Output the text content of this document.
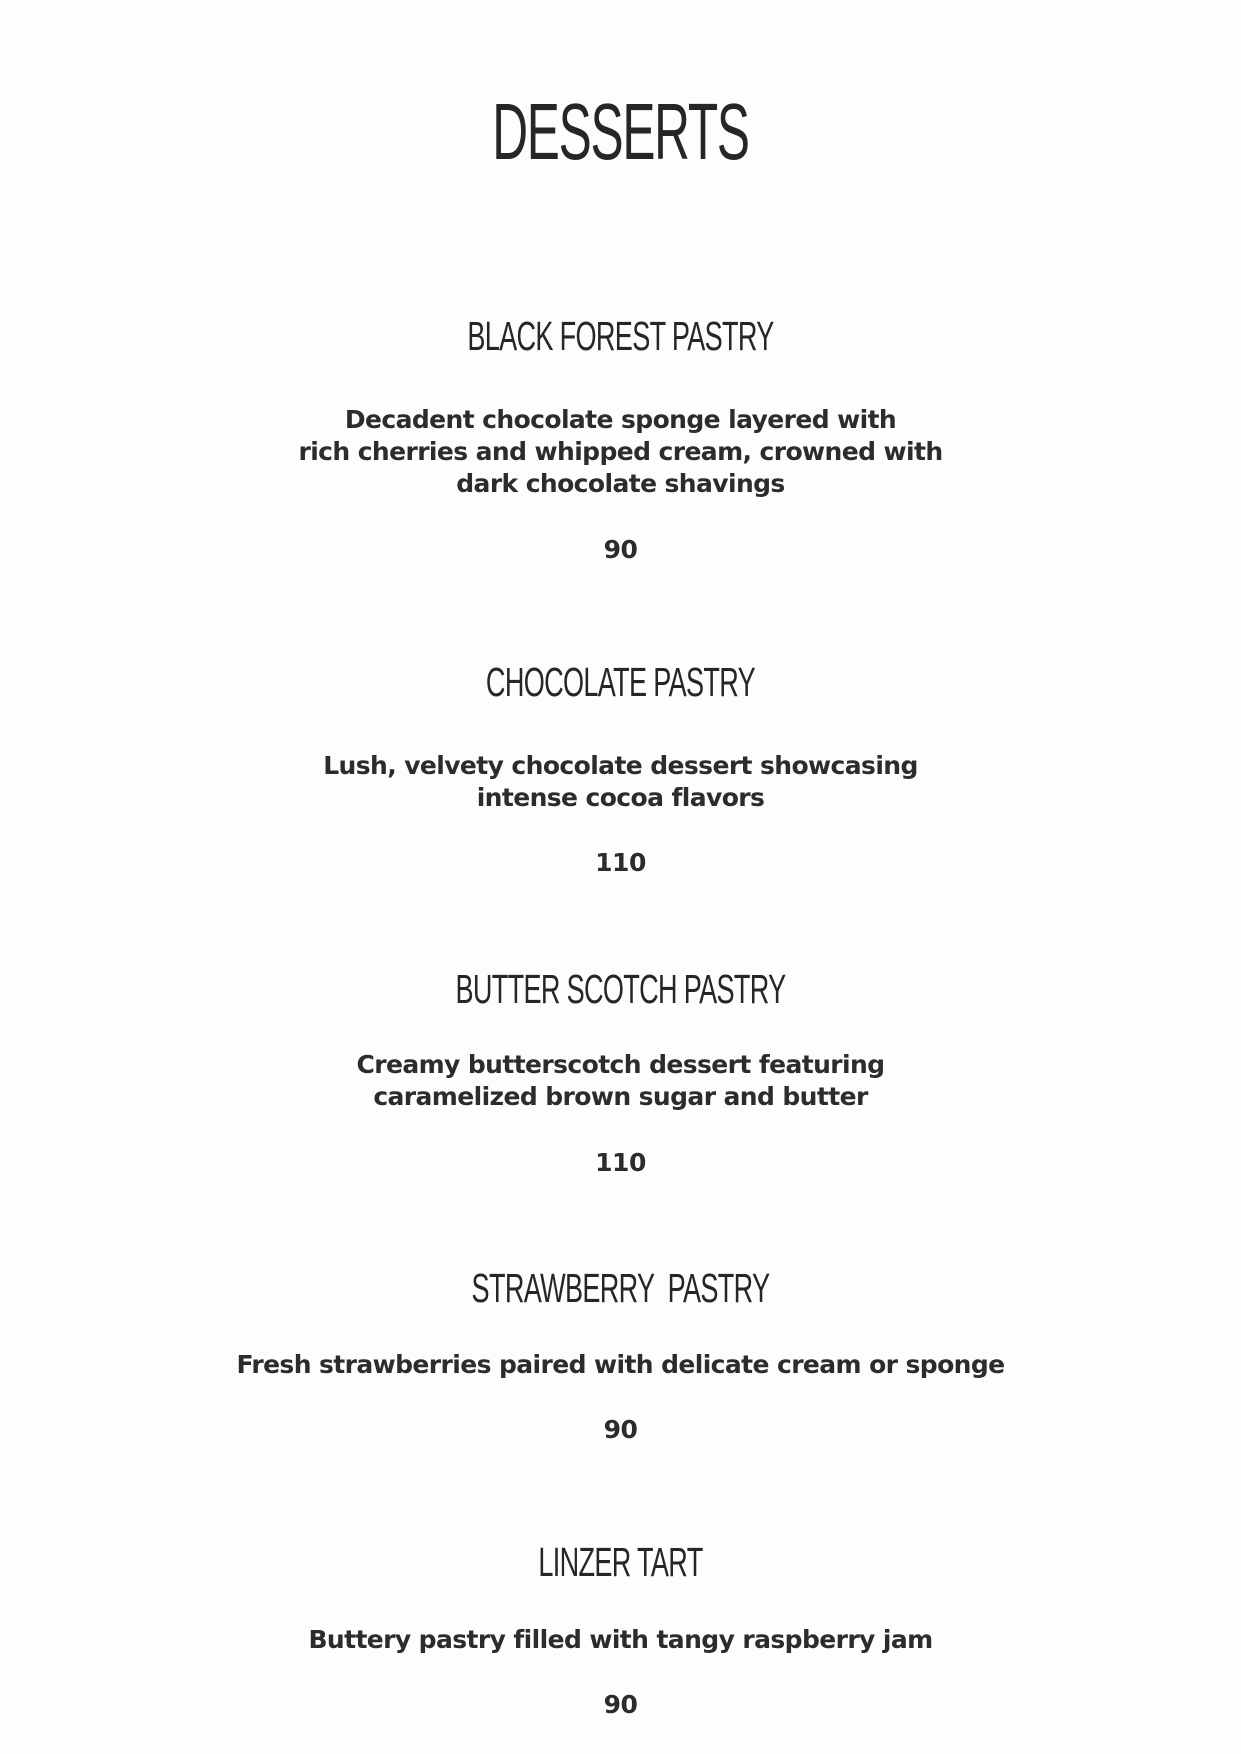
DESSERTS
BLACK FOREST PASTRY
Decadent chocolate sponge layered with
rich cherries and whipped cream, crowned with
dark chocolate shavings
90
CHOCOLATE PASTRY
Lush, velvety chocolate dessert showcasing
intense cocoa flavors
110
BUTTER SCOTCH PASTRY
Creamy butterscotch dessert featuring
caramelized brown sugar and butter
110
STRAWBERRY  PASTRY
Fresh strawberries paired with delicate cream or sponge
90
LINZER TART
Buttery pastry filled with tangy raspberry jam
90
